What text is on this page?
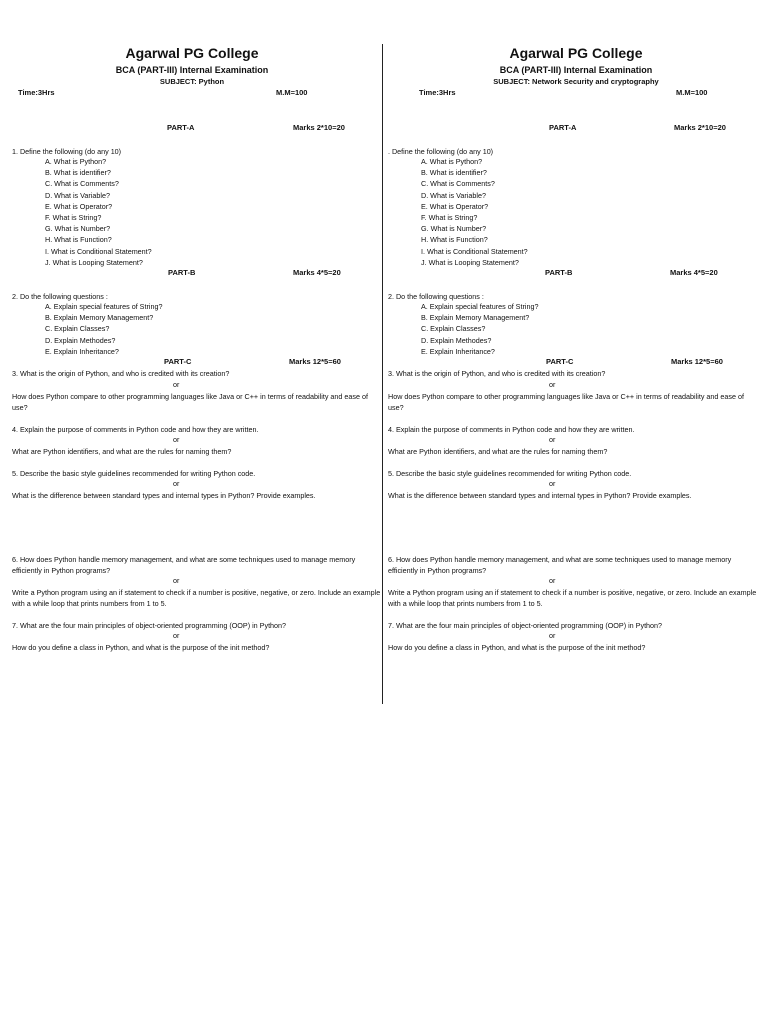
Agarwal PG College
BCA (PART-III) Internal Examination
SUBJECT: Python
Time:3Hrs	M.M=100
PART-A	Marks 2*10=20
1. Define the following (do any 10)
A. What is Python?
B. What is identifier?
C. What is Comments?
D. What is Variable?
E. What is Operator?
F. What is String?
G. What is Number?
H. What is Function?
I. What is Conditional Statement?
J. What is Looping Statement?
PART-B	Marks 4*5=20
2. Do the following questions :
A. Explain special features of String?
B. Explain Memory Management?
C. Explain Classes?
D. Explain Methodes?
E. Explain Inheritance?
PART-C	Marks 12*5=60
3. What is the origin of Python, and who is credited with its creation?
or
How does Python compare to other programming languages like Java or C++ in terms of readability and ease of use?
4. Explain the purpose of comments in Python code and how they are written.
or
What are Python identifiers, and what are the rules for naming them?
5. Describe the basic style guidelines recommended for writing Python code.
or
What is the difference between standard types and internal types in Python? Provide examples.
6. How does Python handle memory management, and what are some techniques used to manage memory efficiently in Python programs?
or
Write a Python program using an if statement to check if a number is positive, negative, or zero. Include an example with a while loop that prints numbers from 1 to 5.
7. What are the four main principles of object-oriented programming (OOP) in Python?
or
How do you define a class in Python, and what is the purpose of the init method?
Agarwal PG College
BCA (PART-III) Internal Examination
SUBJECT: Network Security and cryptography
Time:3Hrs	M.M=100
PART-A	Marks 2*10=20
. Define the following (do any 10)
A. What is Python?
B. What is identifier?
C. What is Comments?
D. What is Variable?
E. What is Operator?
F. What is String?
G. What is Number?
H. What is Function?
I. What is Conditional Statement?
J. What is Looping Statement?
PART-B	Marks 4*5=20
2. Do the following questions :
A. Explain special features of String?
B. Explain Memory Management?
C. Explain Classes?
D. Explain Methodes?
E. Explain Inheritance?
PART-C	Marks 12*5=60
3. What is the origin of Python, and who is credited with its creation?
or
How does Python compare to other programming languages like Java or C++ in terms of readability and ease of use?
4. Explain the purpose of comments in Python code and how they are written.
or
What are Python identifiers, and what are the rules for naming them?
5. Describe the basic style guidelines recommended for writing Python code.
or
What is the difference between standard types and internal types in Python? Provide examples.
6. How does Python handle memory management, and what are some techniques used to manage memory efficiently in Python programs?
or
Write a Python program using an if statement to check if a number is positive, negative, or zero. Include an example with a while loop that prints numbers from 1 to 5.
7. What are the four main principles of object-oriented programming (OOP) in Python?
or
How do you define a class in Python, and what is the purpose of the init method?
